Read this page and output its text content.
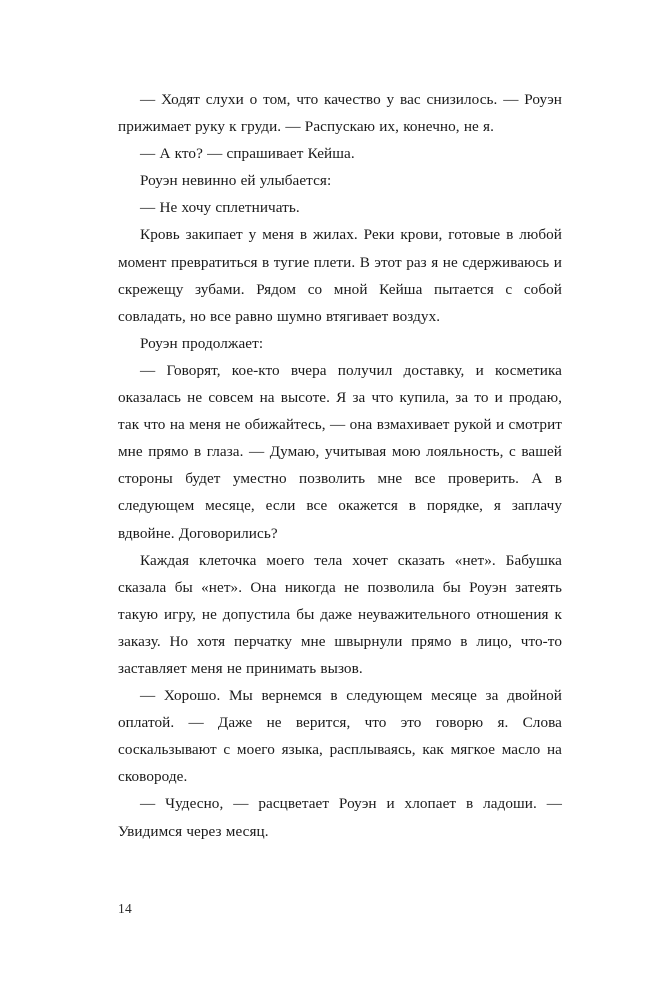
— Ходят слухи о том, что качество у вас снизилось. — Роуэн прижимает руку к груди. — Распускаю их, конечно, не я.

— А кто? — спрашивает Кейша.

Роуэн невинно ей улыбается:

— Не хочу сплетничать.

Кровь закипает у меня в жилах. Реки крови, готовые в любой момент превратиться в тугие плети. В этот раз я не сдерживаюсь и скрежещу зубами. Рядом со мной Кейша пытается с собой совладать, но все равно шумно втягивает воздух.

Роуэн продолжает:

— Говорят, кое-кто вчера получил доставку, и косметика оказалась не совсем на высоте. Я за что купила, за то и продаю, так что на меня не обижайтесь, — она взмахивает рукой и смотрит мне прямо в глаза. — Думаю, учитывая мою лояльность, с вашей стороны будет уместно позволить мне все проверить. А в следующем месяце, если все окажется в порядке, я заплачу вдвойне. Договорились?

Каждая клеточка моего тела хочет сказать «нет». Бабушка сказала бы «нет». Она никогда не позволила бы Роуэн затеять такую игру, не допустила бы даже неуважительного отношения к заказу. Но хотя перчатку мне швырнули прямо в лицо, что-то заставляет меня не принимать вызов.

— Хорошо. Мы вернемся в следующем месяце за двойной оплатой. — Даже не верится, что это говорю я. Слова соскальзывают с моего языка, расплываясь, как мягкое масло на сковороде.

— Чудесно, — расцветает Роуэн и хлопает в ладоши. — Увидимся через месяц.

14
